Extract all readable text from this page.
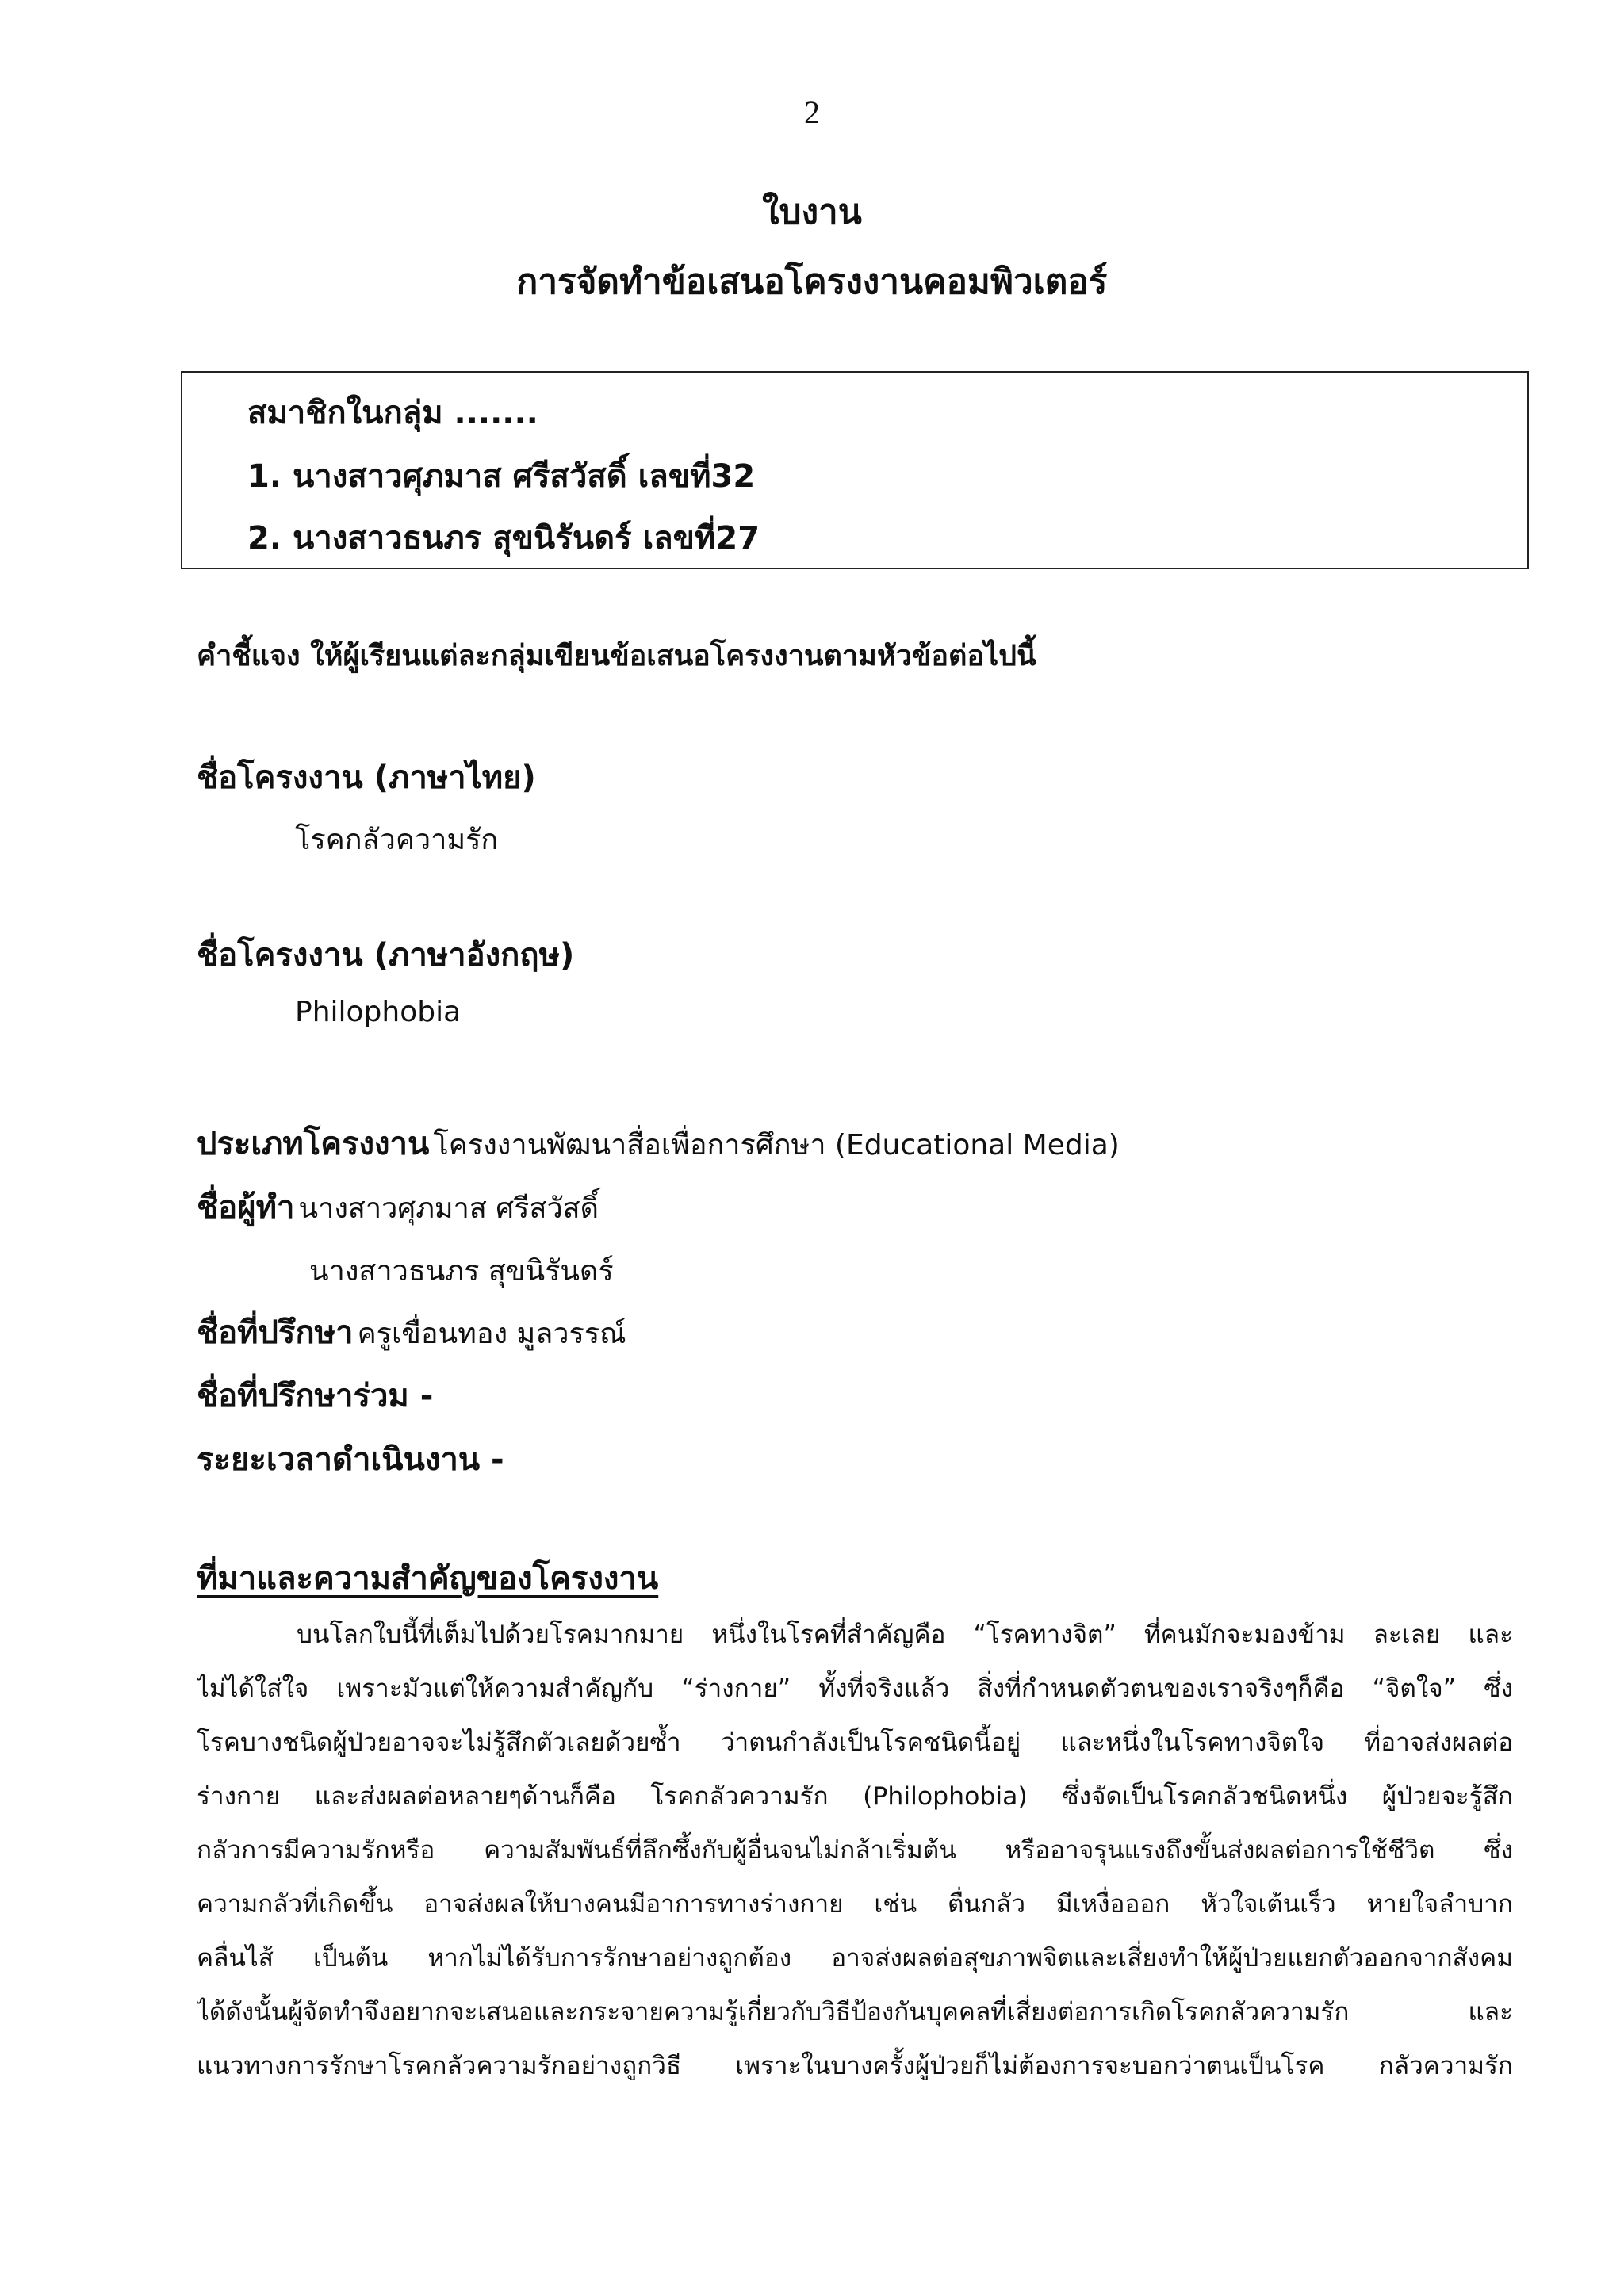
2
ใบงาน
การจัดทำข้อเสนอโครงงานคอมพิวเตอร์
สมาชิกในกลุ่ม .......
1. นางสาวศุภมาส ศรีสวัสดิ์ เลขที่32
2. นางสาวธนภร สุขนิรันดร์ เลขที่27
คำชี้แจง ให้ผู้เรียนแต่ละกลุ่มเขียนข้อเสนอโครงงานตามหัวข้อต่อไปนี้
ชื่อโครงงาน (ภาษาไทย)
โรคกลัวความรัก
ชื่อโครงงาน (ภาษาอังกฤษ)
Philophobia
ประเภทโครงงาน โครงงานพัฒนาสื่อเพื่อการศึกษา (Educational Media)
ชื่อผู้ทำ นางสาวศุภมาส ศรีสวัสดิ์
นางสาวธนภร สุขนิรันดร์
ชื่อที่ปรึกษา ครูเขื่อนทอง มูลวรรณ์
ชื่อที่ปรึกษาร่วม -
ระยะเวลาดำเนินงาน -
ที่มาและความสำคัญของโครงงาน
บนโลกใบนี้ที่เต็มไปด้วยโรคมากมาย หนึ่งในโรคที่สำคัญคือ “โรคทางจิต” ที่คนมักจะมองข้าม ละเลย และ
ไม่ได้ใส่ใจ เพราะมัวแต่ให้ความสำคัญกับ “ร่างกาย” ทั้งที่จริงแล้ว สิ่งที่กำหนดตัวตนของเราจริงๆก็คือ “จิตใจ” ซึ่ง
โรคบางชนิดผู้ป่วยอาจจะไม่รู้สึกตัวเลยด้วยซ้ำ ว่าตนกำลังเป็นโรคชนิดนี้อยู่ และหนึ่งในโรคทางจิตใจ ที่อาจส่งผลต่อ
ร่างกาย และส่งผลต่อหลายๆด้านก็คือ โรคกลัวความรัก (Philophobia) ซึ่งจัดเป็นโรคกลัวชนิดหนึ่ง ผู้ป่วยจะรู้สึก
กลัวการมีความรักหรือ ความสัมพันธ์ที่ลึกซึ้งกับผู้อื่นจนไม่กล้าเริ่มต้น หรืออาจรุนแรงถึงขั้นส่งผลต่อการใช้ชีวิต ซึ่ง
ความกลัวที่เกิดขึ้น อาจส่งผลให้บางคนมีอาการทางร่างกาย เช่น ตื่นกลัว มีเหงื่อออก หัวใจเต้นเร็ว หายใจลำบาก
คลื่นไส้ เป็นต้น หากไม่ได้รับการรักษาอย่างถูกต้อง อาจส่งผลต่อสุขภาพจิตและเสี่ยงทำให้ผู้ป่วยแยกตัวออกจากสังคม
ได้ดังนั้นผู้จัดทำจึงอยากจะเสนอและกระจายความรู้เกี่ยวกับวิธีป้องกันบุคคลที่เสี่ยงต่อการเกิดโรคกลัวความรัก และ
แนวทางการรักษาโรคกลัวความรักอย่างถูกวิธี เพราะในบางครั้งผู้ป่วยก็ไม่ต้องการจะบอกว่าตนเป็นโรค กลัวความรัก
